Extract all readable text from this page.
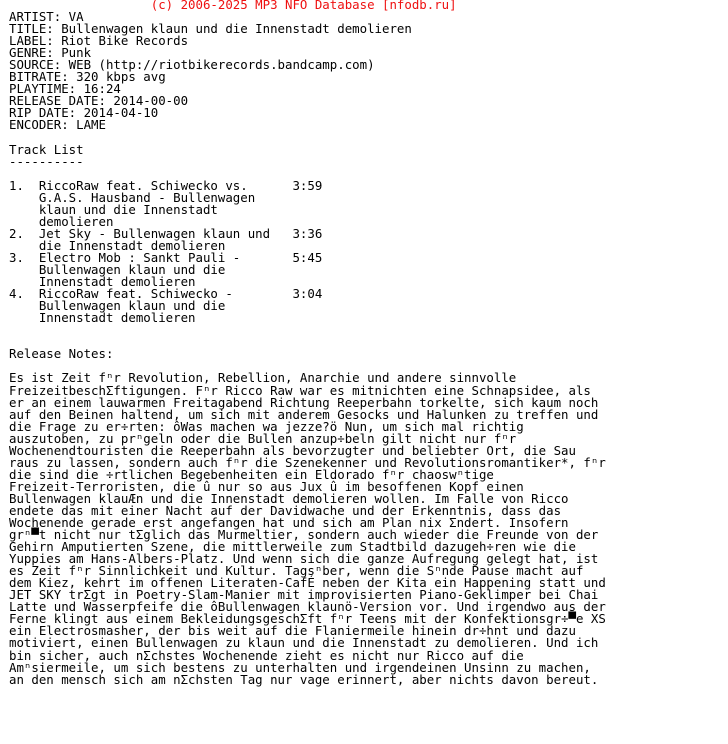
(c) 2006-2025 MP3 NFO Database [nfodb.ru]
ARTIST: VA
TITLE: Bullenwagen klaun und die Innenstadt demolieren
LABEL: Riot Bike Records
GENRE: Punk
SOURCE: WEB (http://riotbikerecords.bandcamp.com)
BITRATE: 320 kbps avg
PLAYTIME: 16:24
RELEASE DATE: 2014-00-00
RIP DATE: 2014-04-10
ENCODER: LAME
Track List
----------
1.  RiccoRaw feat. Schiwecko vs.      3:59
G.A.S. Hausband - Bullenwagen
klaun und die Innenstadt
demolieren
2.  Jet Sky - Bullenwagen klaun und   3:36
die Innenstadt demolieren
3.  Electro Mob : Sankt Pauli -       5:45
Bullenwagen klaun und die
Innenstadt demolieren
4.  RiccoRaw feat. Schiwecko -        3:04
Bullenwagen klaun und die
Innenstadt demolieren
Release Notes:
Es ist Zeit fⁿr Revolution, Rebellion, Anarchie und andere sinnvolle
FreizeitbeschΣftigungen. Fⁿr Ricco Raw war es mitnichten eine Schnapsidee, als
er an einem lauwarmen Freitagabend Richtung Reeperbahn torkelte, sich kaum noch
auf den Beinen haltend, um sich mit anderem Gesocks und Halunken zu treffen und
die Frage zu er÷rten: ôWas machen wa jezze?ö Nun, um sich mal richtig
auszutoben, zu prⁿgeln oder die Bullen anzup÷beln gilt nicht nur fⁿr
Wochenendtouristen die Reeperbahn als bevorzugter und beliebter Ort, die Sau
raus zu lassen, sondern auch fⁿr die Szenekenner und Revolutionsromantiker*, fⁿr
die sind die ÷rtlichen Begebenheiten ein Eldorado fⁿr chaoswⁿtige
Freizeit-Terroristen, die û nur so aus Jux û im besoffenen Kopf einen
Bullenwagen klauÆn und die Innenstadt demolieren wollen. Im Falle von Ricco
endete das mit einer Nacht auf der Davidwache und der Erkenntnis, dass das
Wochenende gerade erst angefangen hat und sich am Plan nix Σndert. Insofern
grⁿ▀t nicht nur tΣglich das Murmeltier, sondern auch wieder die Freunde von der
Gehirn Amputierten Szene, die mittlerweile zum Stadtbild dazugeh÷ren wie die
Yuppies am Hans-Albers-Platz. Und wenn sich die ganze Aufregung gelegt hat, ist
es Zeit fⁿr Sinnlichkeit und Kultur. Tagsⁿber, wenn die Sⁿnde Pause macht auf
dem Kiez, kehrt im offenen Literaten-CafÉ neben der Kita ein Happening statt und
JET SKY trΣgt in Poetry-Slam-Manier mit improvisierten Piano-Geklimper bei Chai
Latte und Wasserpfeife die ôBullenwagen klaunö-Version vor. Und irgendwo aus der
Ferne klingt aus einem BekleidungsgeschΣft fⁿr Teens mit der Konfektionsgr÷▀e XS
ein Electrosmasher, der bis weit auf die Flaniermeile hinein dr÷hnt und dazu
motiviert, einen Bullenwagen zu klaun und die Innenstadt zu demolieren. Und ich
bin sicher, auch nΣchstes Wochenende zieht es nicht nur Ricco auf die
Amⁿsiermeile, um sich bestens zu unterhalten und irgendeinen Unsinn zu machen,
an den mensch sich am nΣchsten Tag nur vage erinnert, aber nichts davon bereut.
